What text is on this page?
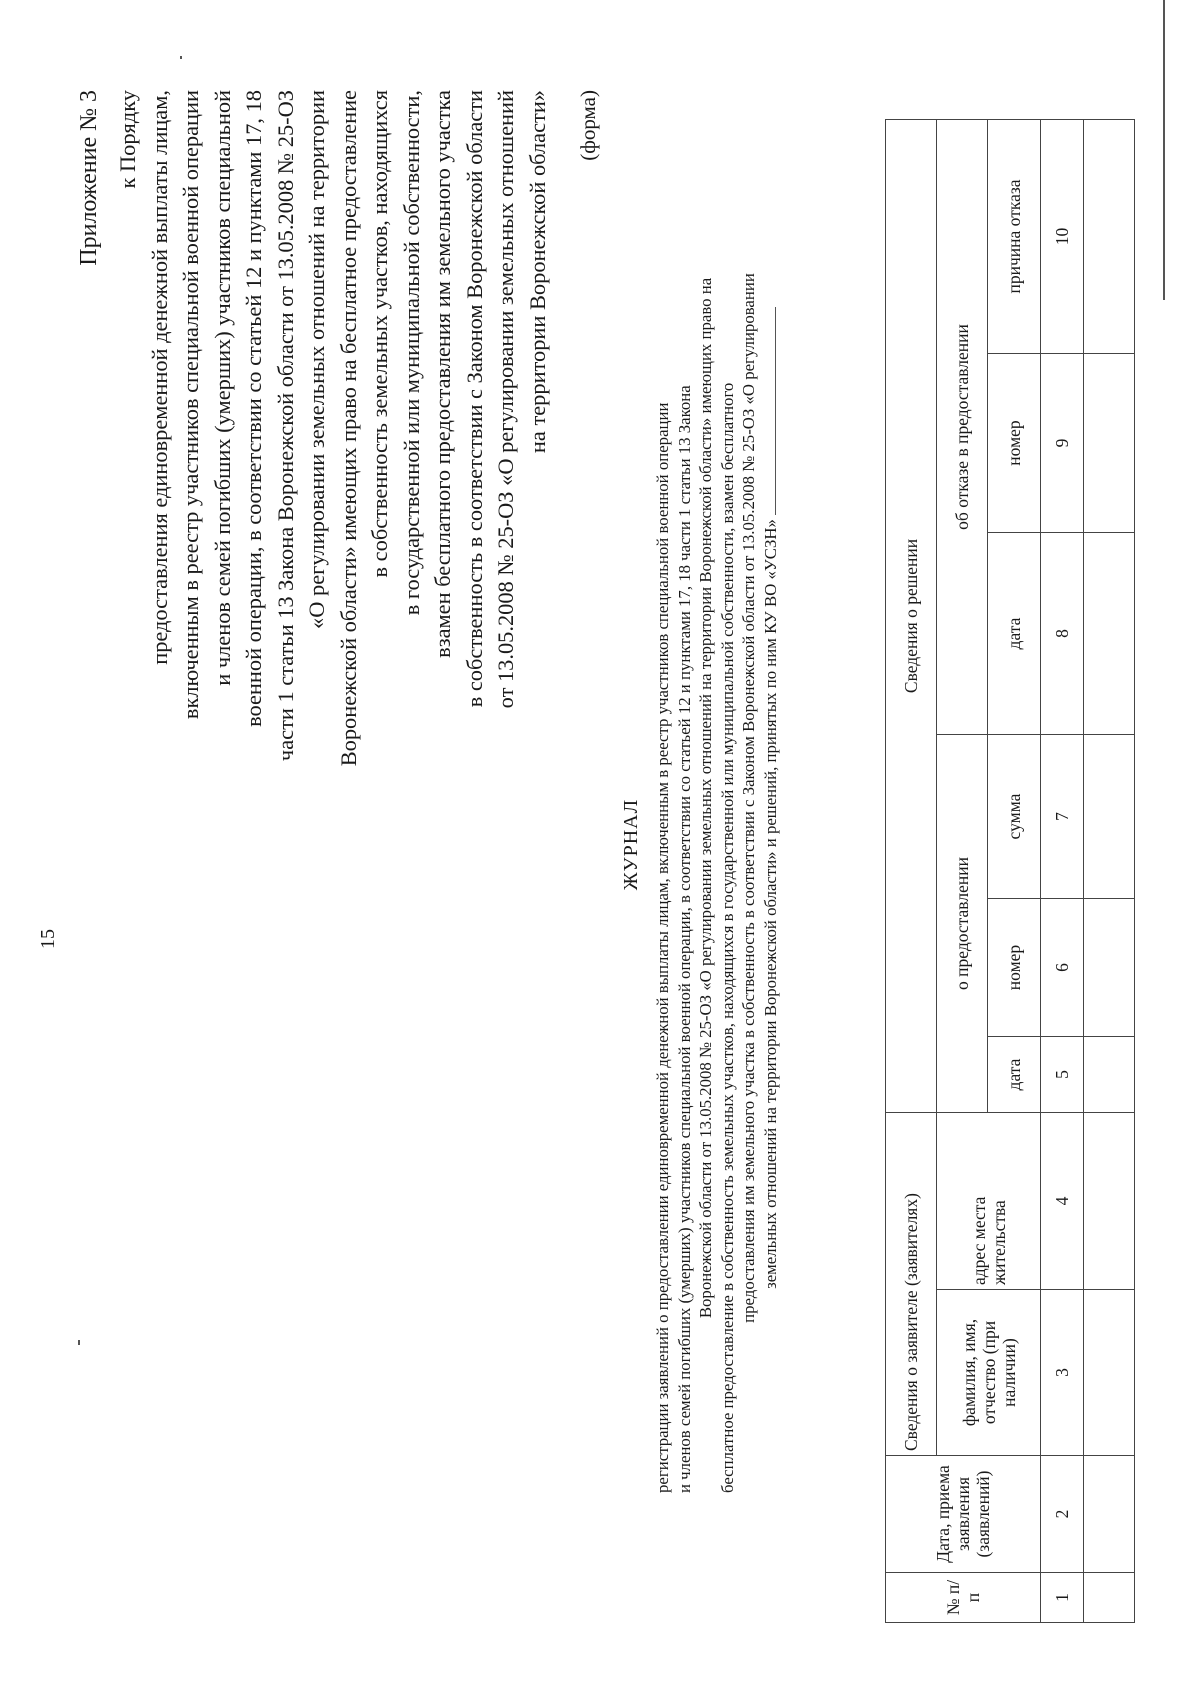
15
Приложение № 3 к Порядку предоставления единовременной денежной выплаты лицам, включенным в реестр участников специальной военной операции и членов семей погибших (умерших) участников специальной военной операции, в соответствии со статьей 12 и пунктами 17, 18 части 1 статьи 13 Закона Воронежской области от 13.05.2008 № 25-ОЗ «О регулировании земельных отношений на территории Воронежской области» имеющих право на бесплатное предоставление в собственность земельных участков, находящихся в государственной или муниципальной собственности, взамен бесплатного предоставления им земельного участка в собственность в соответствии с Законом Воронежской области от 13.05.2008 № 25-ОЗ «О регулировании земельных отношений на территории Воронежской области» (форма)
ЖУРНАЛ регистрации заявлений о предоставлении единовременной денежной выплаты лицам, включенным в реестр участников специальной военной операции и членов семей погибших (умерших) участников специальной военной операции, в соответствии со статьей 12 и пунктами 17, 18 части 1 статьи 13 Закона Воронежской области от 13.05.2008 № 25-ОЗ «О регулировании земельных отношений на территории Воронежской области» имеющих право на бесплатное предоставление в собственность земельных участков, находящихся в государственной или муниципальной собственности, взамен бесплатного предоставления им земельного участка в собственность в соответствии с Законом Воронежской области от 13.05.2008 № 25-ОЗ «О регулировании земельных отношений на территории Воронежской области» и решений, принятых по ним КУ ВО «УСЗН»
№ п/п	Дата, приема заявления (заявлений)	Сведения о заявителе (заявителях)		Сведения о решении					
		фамилия, имя, отчество (при наличии)	адрес места жительства	о предоставлении			об отказе в предоставлении		
				дата	номер	сумма	дата	номер	причина отказа
1	2	3	4	5	6	7	8	9	10
